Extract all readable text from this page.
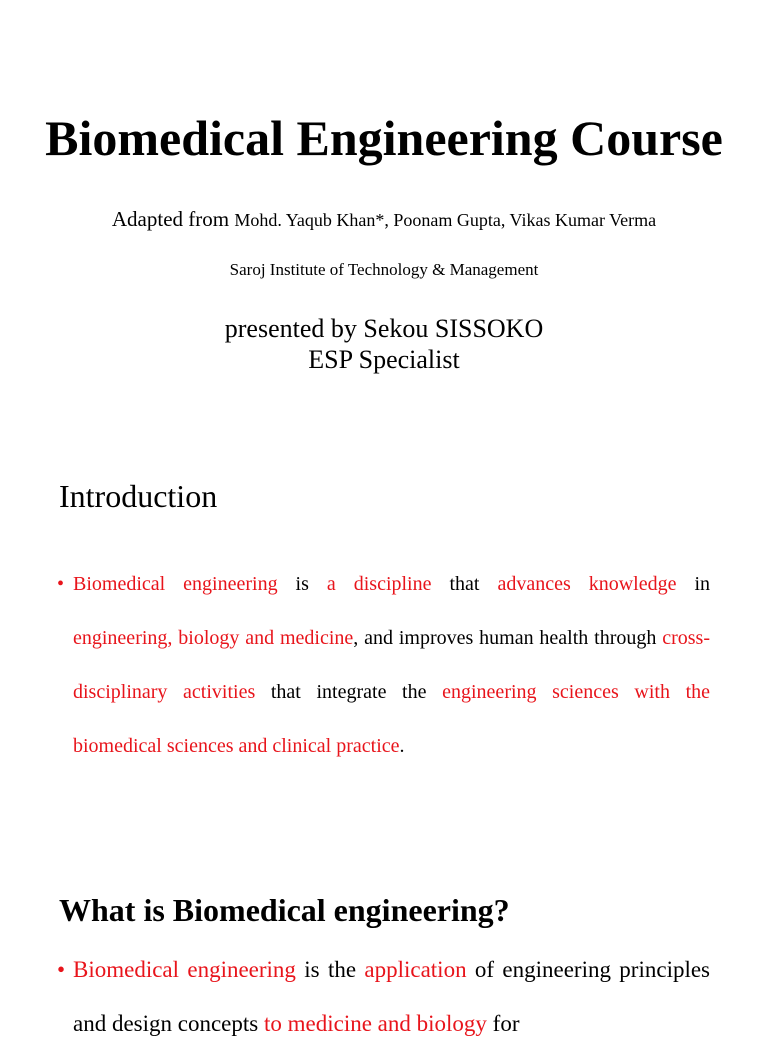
Biomedical Engineering Course
Adapted from Mohd. Yaqub Khan*, Poonam Gupta, Vikas Kumar Verma
Saroj Institute of Technology & Management
presented by Sekou SISSOKO
ESP Specialist
Introduction
• Biomedical engineering is a discipline that advances knowledge in engineering, biology and medicine, and improves human health through cross-disciplinary activities that integrate the engineering sciences with the biomedical sciences and clinical practice.
What is Biomedical engineering?
• Biomedical engineering is the application of engineering principles and design concepts to medicine and biology for
